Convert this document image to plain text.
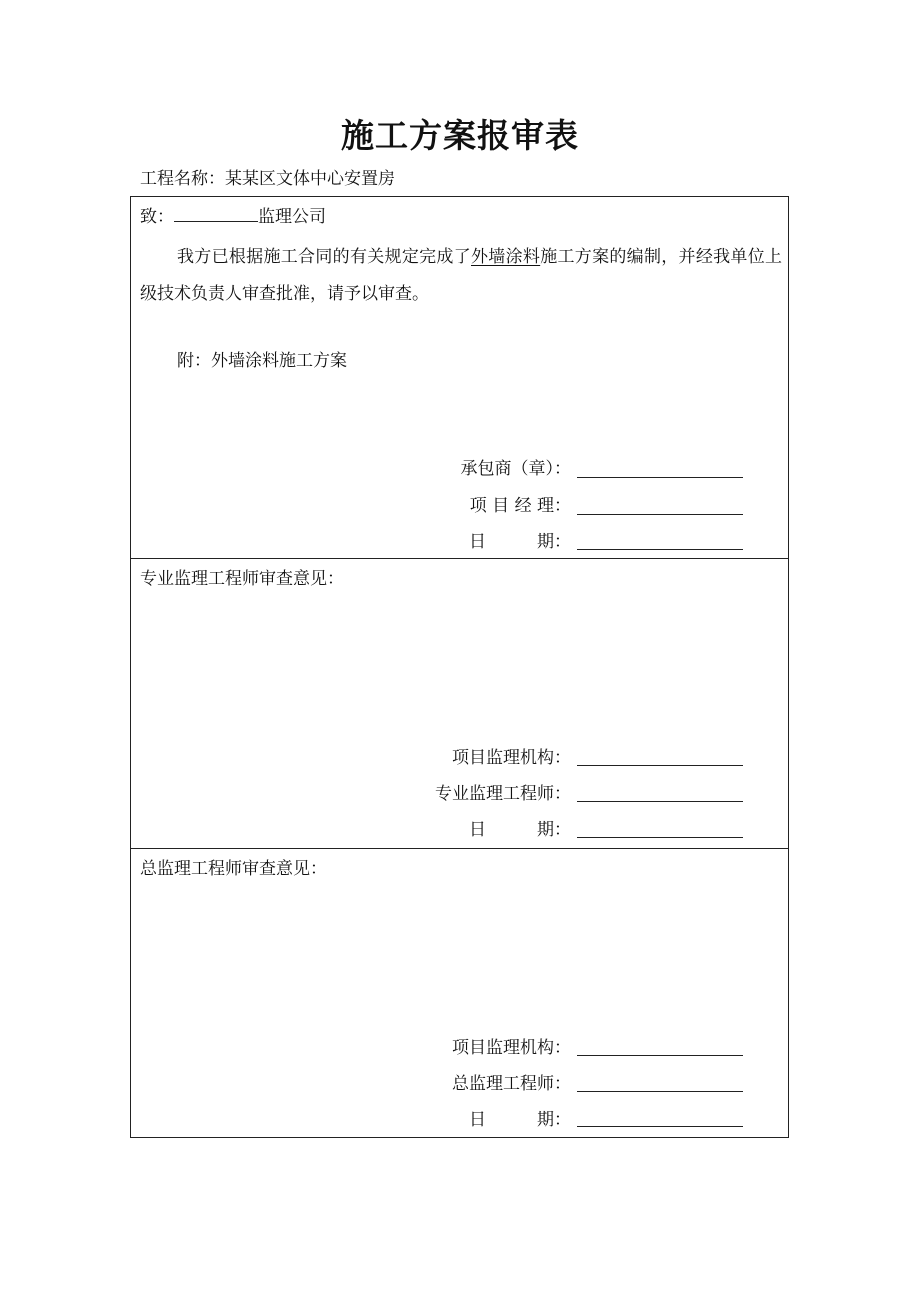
施工方案报审表
工程名称：某某区文体中心安置房
致：	监理公司
我方已根据施工合同的有关规定完成了外墙涂料施工方案的编制，并经我单位上级技术负责人审查批准，请予以审查。
附：外墙涂料施工方案
承包商（章）：
项 目 经 理：
日　　　期：
专业监理工程师审查意见：
项目监理机构：
专业监理工程师：
日　　　期：
总监理工程师审查意见：
项目监理机构：
总监理工程师：
日　　　期：
